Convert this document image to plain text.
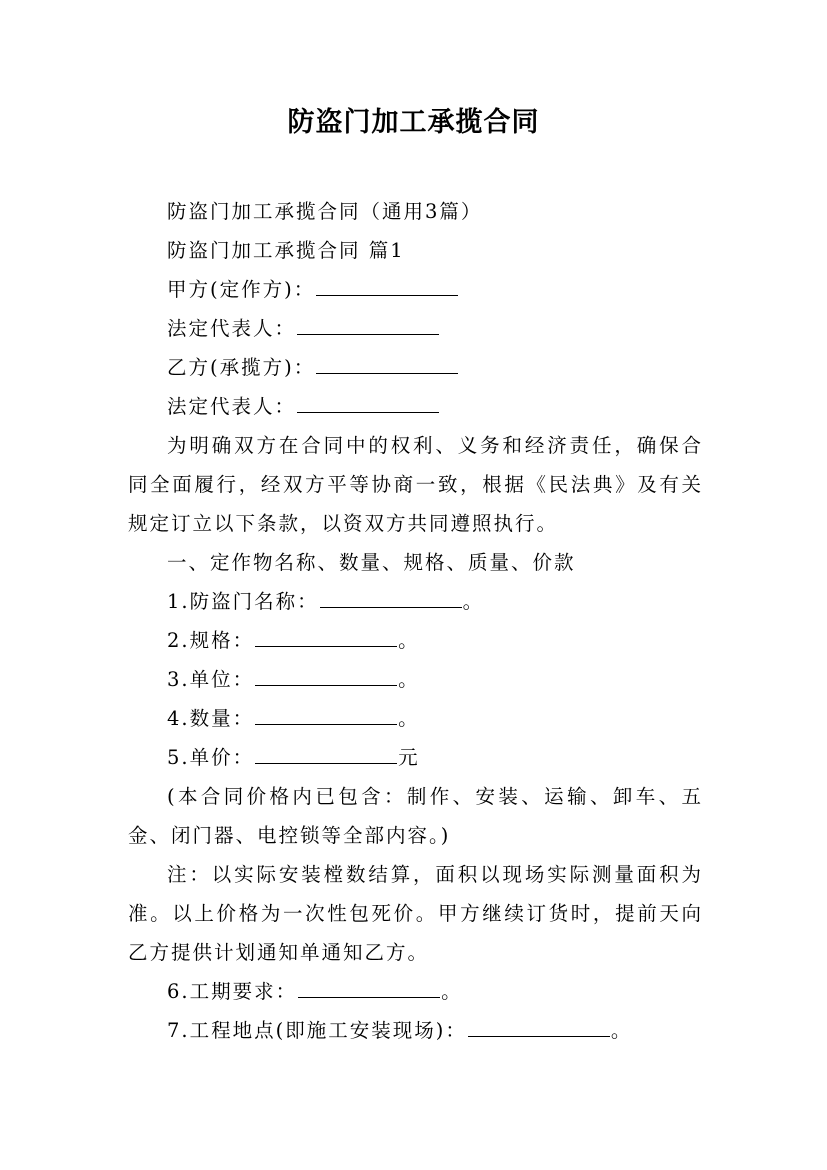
防盗门加工承揽合同

防盗门加工承揽合同（通用3篇）

防盗门加工承揽合同 篇1

甲方(定作方)：

法定代表人：

乙方(承揽方)：

法定代表人：

为明确双方在合同中的权利、义务和经济责任，确保合同全面履行，经双方平等协商一致，根据《民法典》及有关规定订立以下条款，以资双方共同遵照执行。

一、定作物名称、数量、规格、质量、价款

1.防盗门名称：	。

2.规格：	。

3.单位：	。

4.数量：	。

5.单价：	元

(本合同价格内已包含：制作、安装、运输、卸车、五金、闭门器、电控锁等全部内容。)

注：以实际安装樘数结算，面积以现场实际测量面积为准。以上价格为一次性包死价。甲方继续订货时，提前天向乙方提供计划通知单通知乙方。

6.工期要求：	。

7.工程地点(即施工安装现场)：	。
